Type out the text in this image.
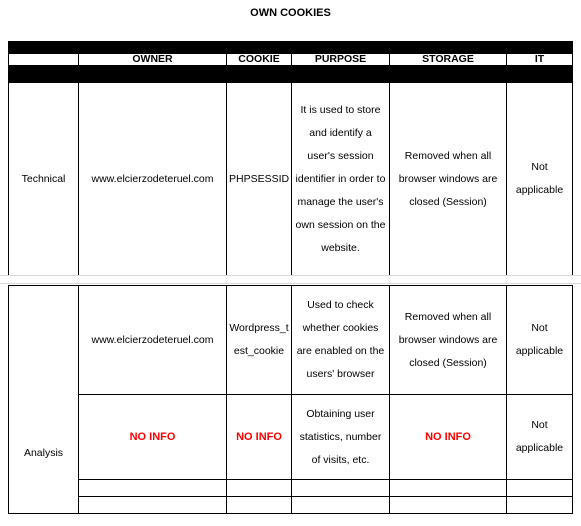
OWN COOKIES

	OWNER	COOKIE	PURPOSE	STORAGE	IT

Technical	www.elcierzodeteruel.com	PHPSESSID	It is used to store and identify a user's session identifier in order to manage the user's own session on the website.	Removed when all browser windows are closed (Session)	Not applicable
	www.elcierzodeteruel.com	Wordpress_test_cookie	Used to check whether cookies are enabled on the users' browser	Removed when all browser windows are closed (Session)	Not applicable
Analysis	NO INFO	NO INFO	Obtaining user statistics, number of visits, etc.	NO INFO	Not applicable
